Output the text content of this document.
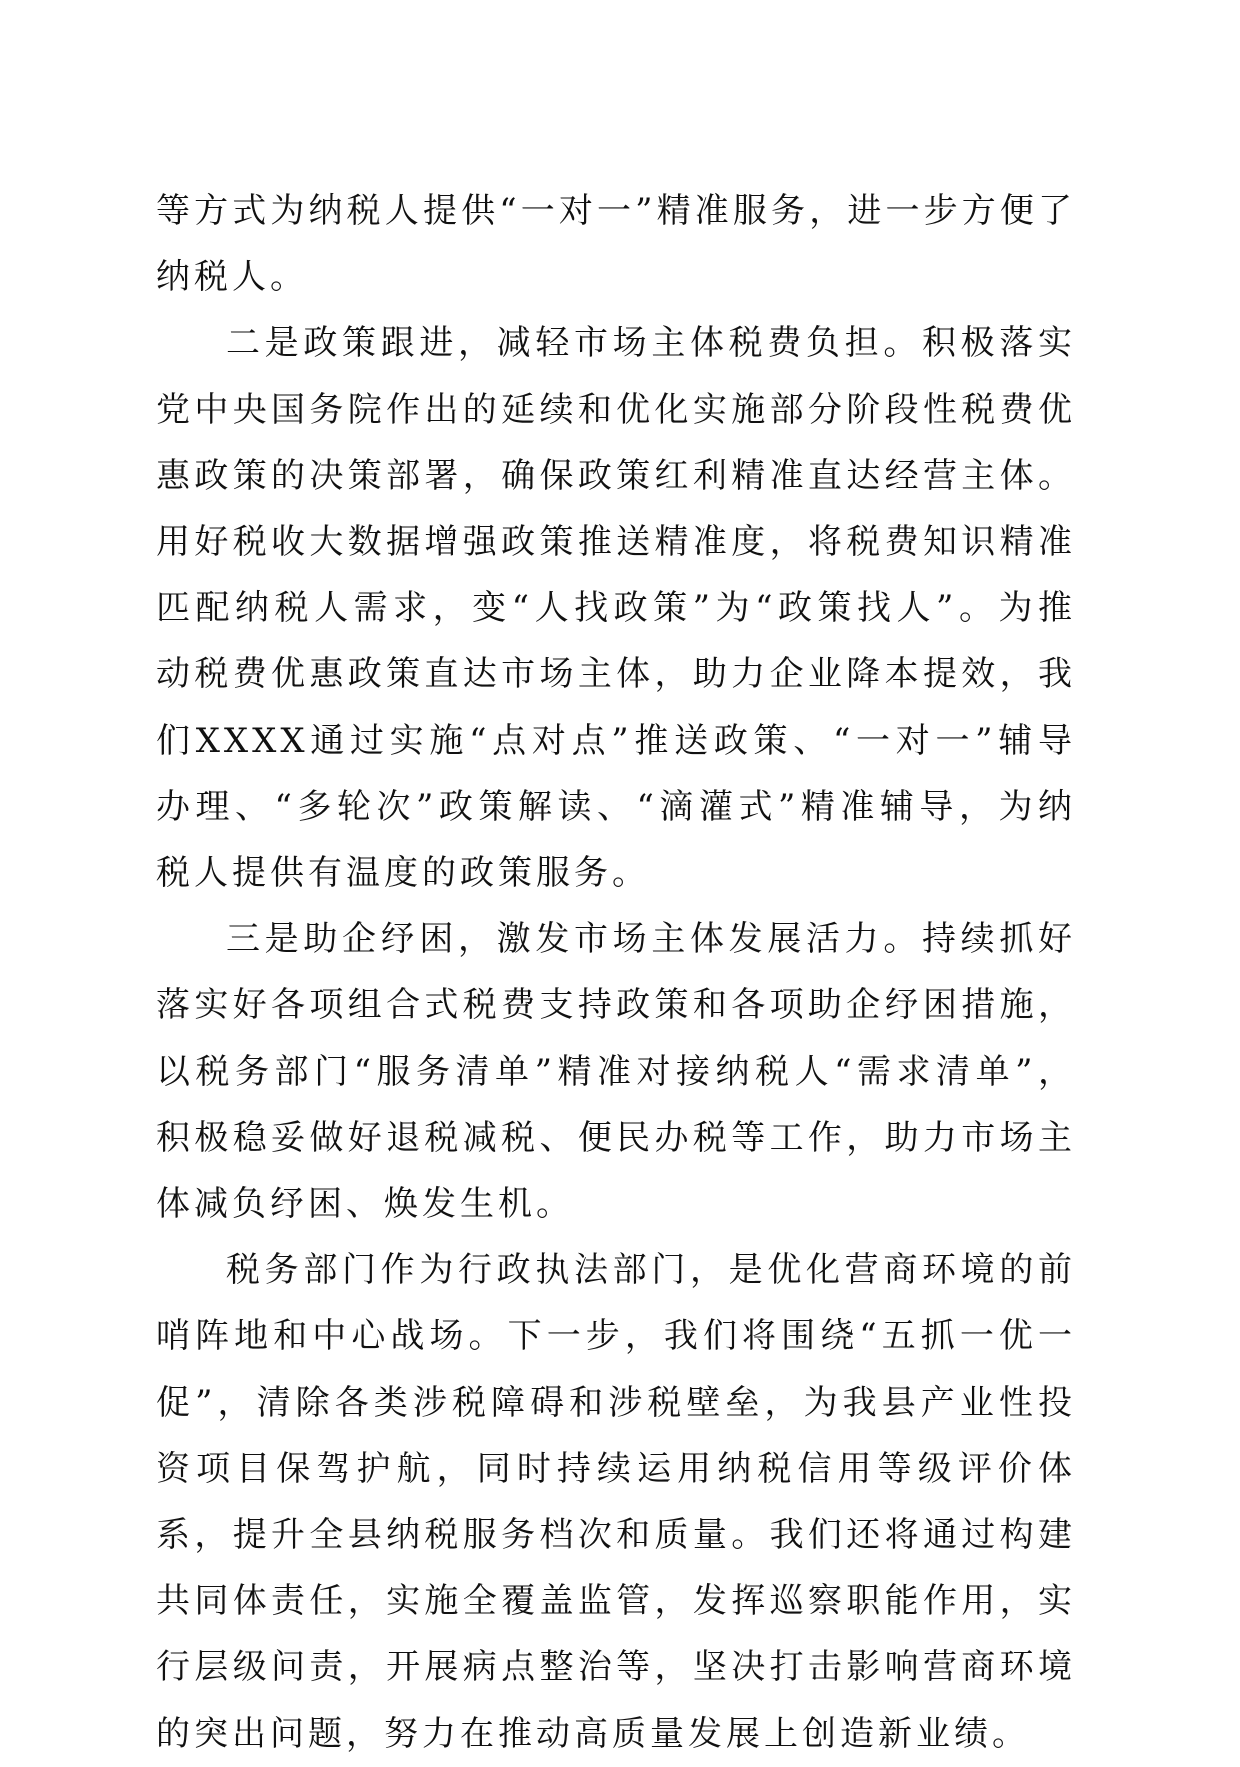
等方式为纳税人提供“一对一”精准服务，进一步方便了纳税人。

二是政策跟进，减轻市场主体税费负担。积极落实党中央国务院作出的延续和优化实施部分阶段性税费优惠政策的决策部署，确保政策红利精准直达经营主体。用好税收大数据增强政策推送精准度，将税费知识精准匹配纳税人需求，变“人找政策”为“政策找人”。为推动税费优惠政策直达市场主体，助力企业降本提效，我们XXXX通过实施“点对点”推送政策、“一对一”辅导办理、“多轮次”政策解读、“滴灌式”精准辅导，为纳税人提供有温度的政策服务。

三是助企纾困，激发市场主体发展活力。持续抓好落实好各项组合式税费支持政策和各项助企纾困措施，以税务部门“服务清单”精准对接纳税人“需求清单”，积极稳妥做好退税减税、便民办税等工作，助力市场主体减负纾困、焕发生机。

税务部门作为行政执法部门，是优化营商环境的前哨阵地和中心战场。下一步，我们将围绕“五抓一优一促”，清除各类涉税障碍和涉税壁垒，为我县产业性投资项目保驾护航，同时持续运用纳税信用等级评价体系，提升全县纳税服务档次和质量。我们还将通过构建共同体责任，实施全覆盖监管，发挥巡察职能作用，实行层级问责，开展病点整治等，坚决打击影响营商环境的突出问题，努力在推动高质量发展上创造新业绩。
